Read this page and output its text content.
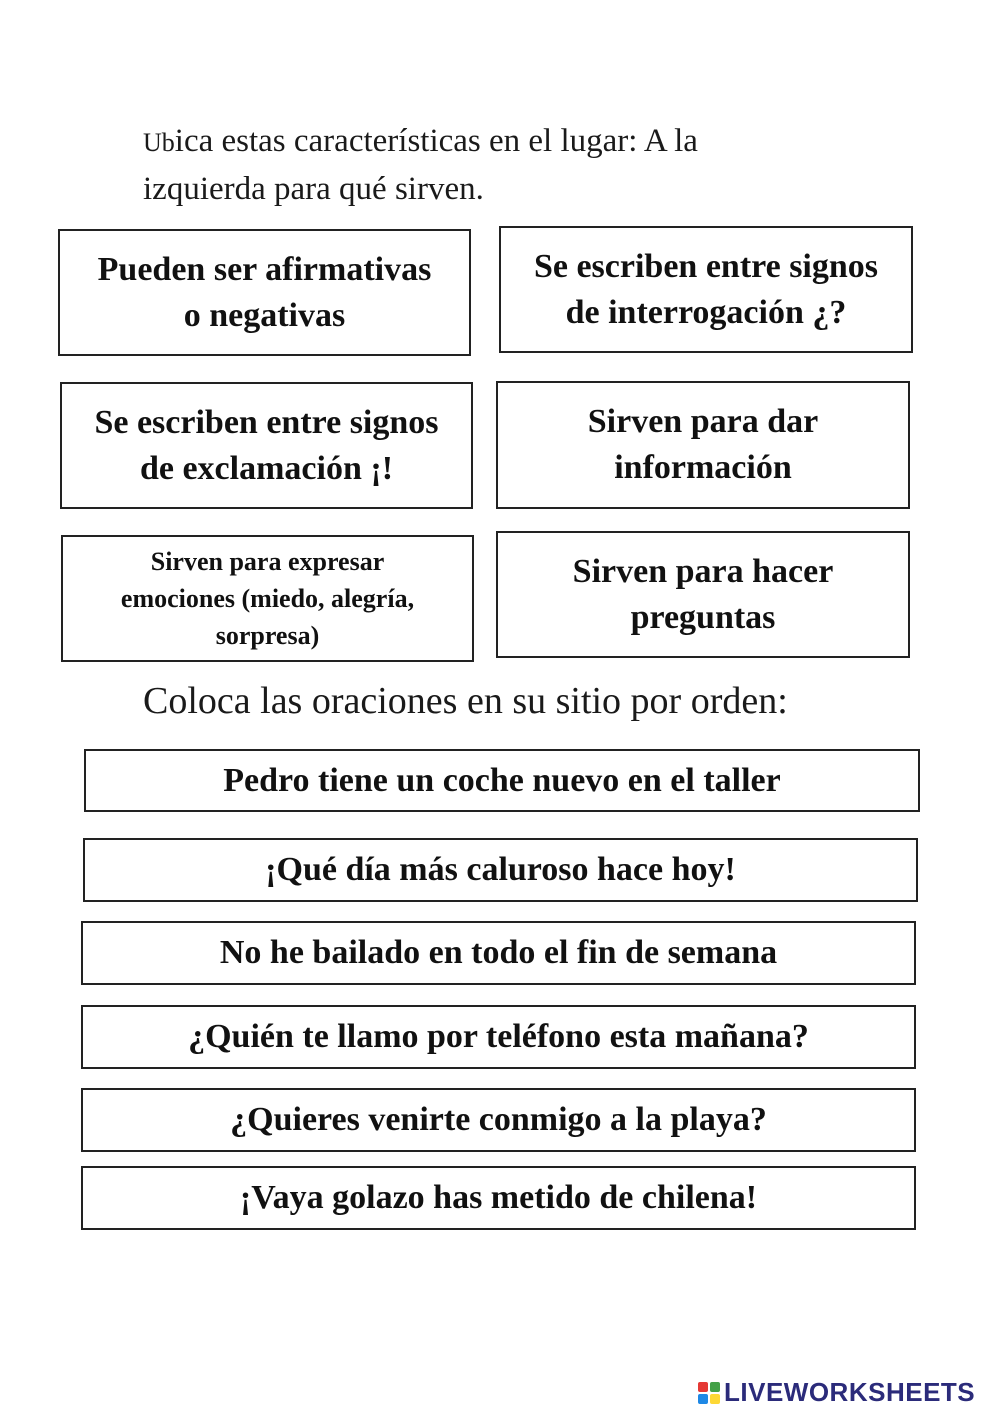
Ubica estas características en el lugar: A la
izquierda para qué sirven.

Pueden ser afirmativas
o negativas
Se escriben entre signos
de interrogación ¿?
Se escriben entre signos
de exclamación ¡!
Sirven para dar
información
Sirven para expresar
emociones (miedo, alegría,
sorpresa)
Sirven para hacer
preguntas

Coloca las oraciones en su sitio por orden:

Pedro tiene un coche nuevo en el taller
¡Qué día más caluroso hace hoy!
No he bailado en todo el fin de semana
¿Quién te llamo por teléfono esta mañana?
¿Quieres venirte conmigo a la playa?
¡Vaya golazo has metido de chilena!
LIVEWORKSHEETS
